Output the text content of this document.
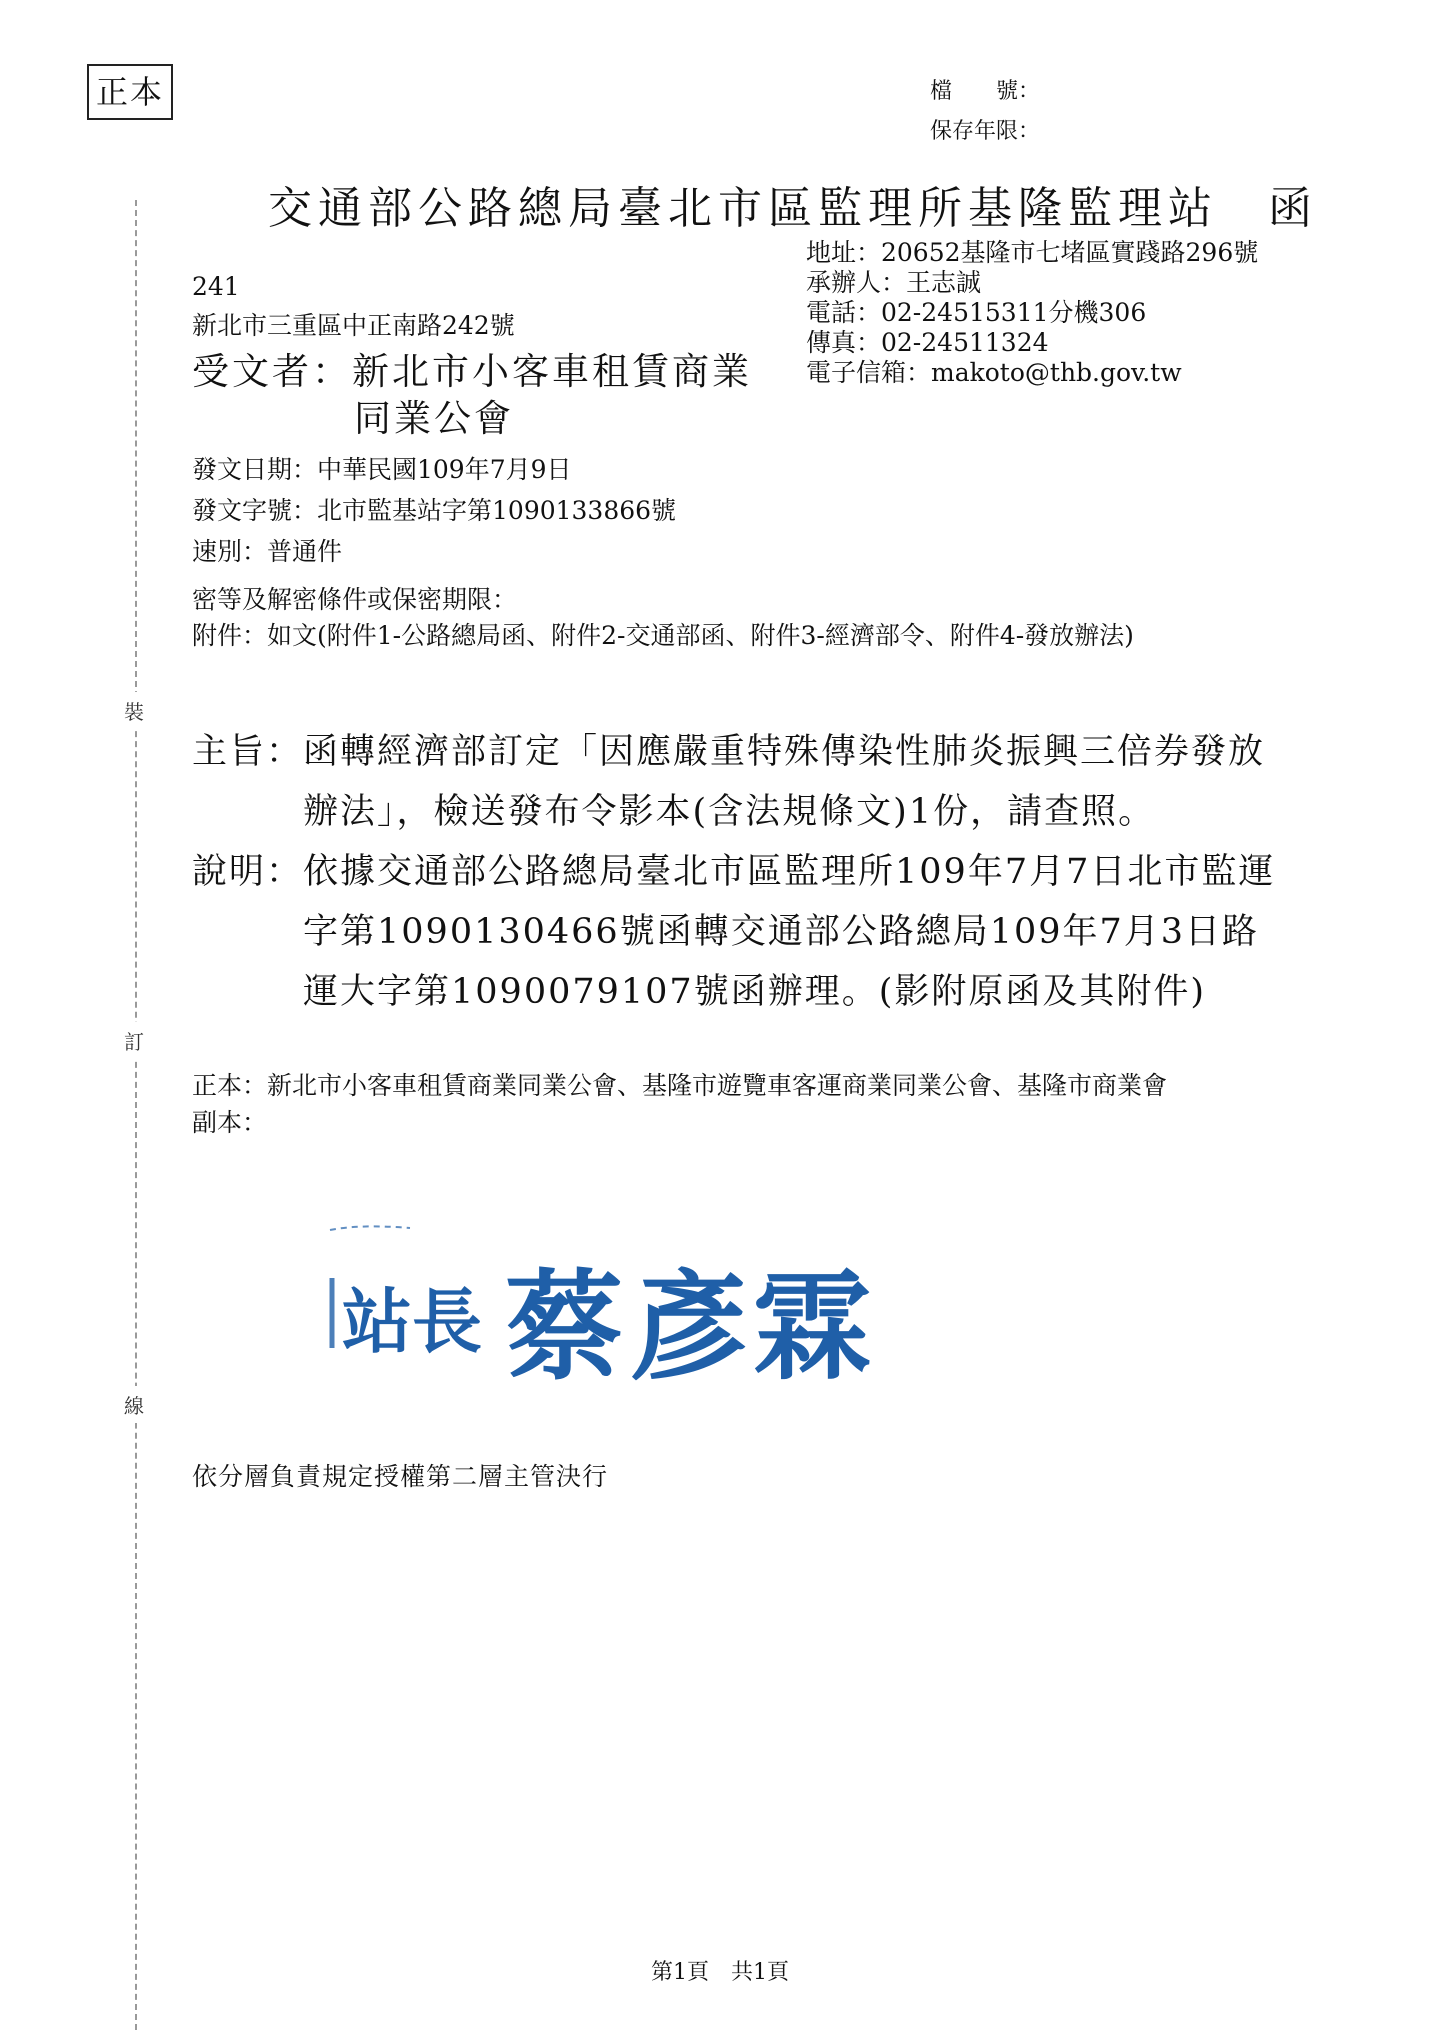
裝
訂
線
正本	檔　　號：
保存年限：
交通部公路總局臺北市區監理所基隆監理站　函
地址：20652基隆市七堵區實踐路296號
承辦人：王志誠
電話：02-24515311分機306
傳真：02-24511324
電子信箱：makoto@thb.gov.tw
241
新北市三重區中正南路242號
受文者：新北市小客車租賃商業
同業公會
發文日期：中華民國109年7月9日
發文字號：北市監基站字第1090133866號
速別：普通件
密等及解密條件或保密期限：
附件： 如文(附件1-公路總局函、附件2-交通部函、附件3-經濟部令、附件4-發放辦法)
主旨： 函轉經濟部訂定「因應嚴重特殊傳染性肺炎振興三倍券發放辦法」，檢送發布令影本(含法規條文)1份，請查照。
說明： 依據交通部公路總局臺北市區監理所109年7月7日北市監運字第1090130466號函轉交通部公路總局109年7月3日路運大字第1090079107號函辦理。(影附原函及其附件)
正本： 新北市小客車租賃商業同業公會、基隆市遊覽車客運商業同業公會、基隆市商業會
副本：
站長 蔡彥霖
依分層負責規定授權第二層主管決行
第1頁　共1頁
